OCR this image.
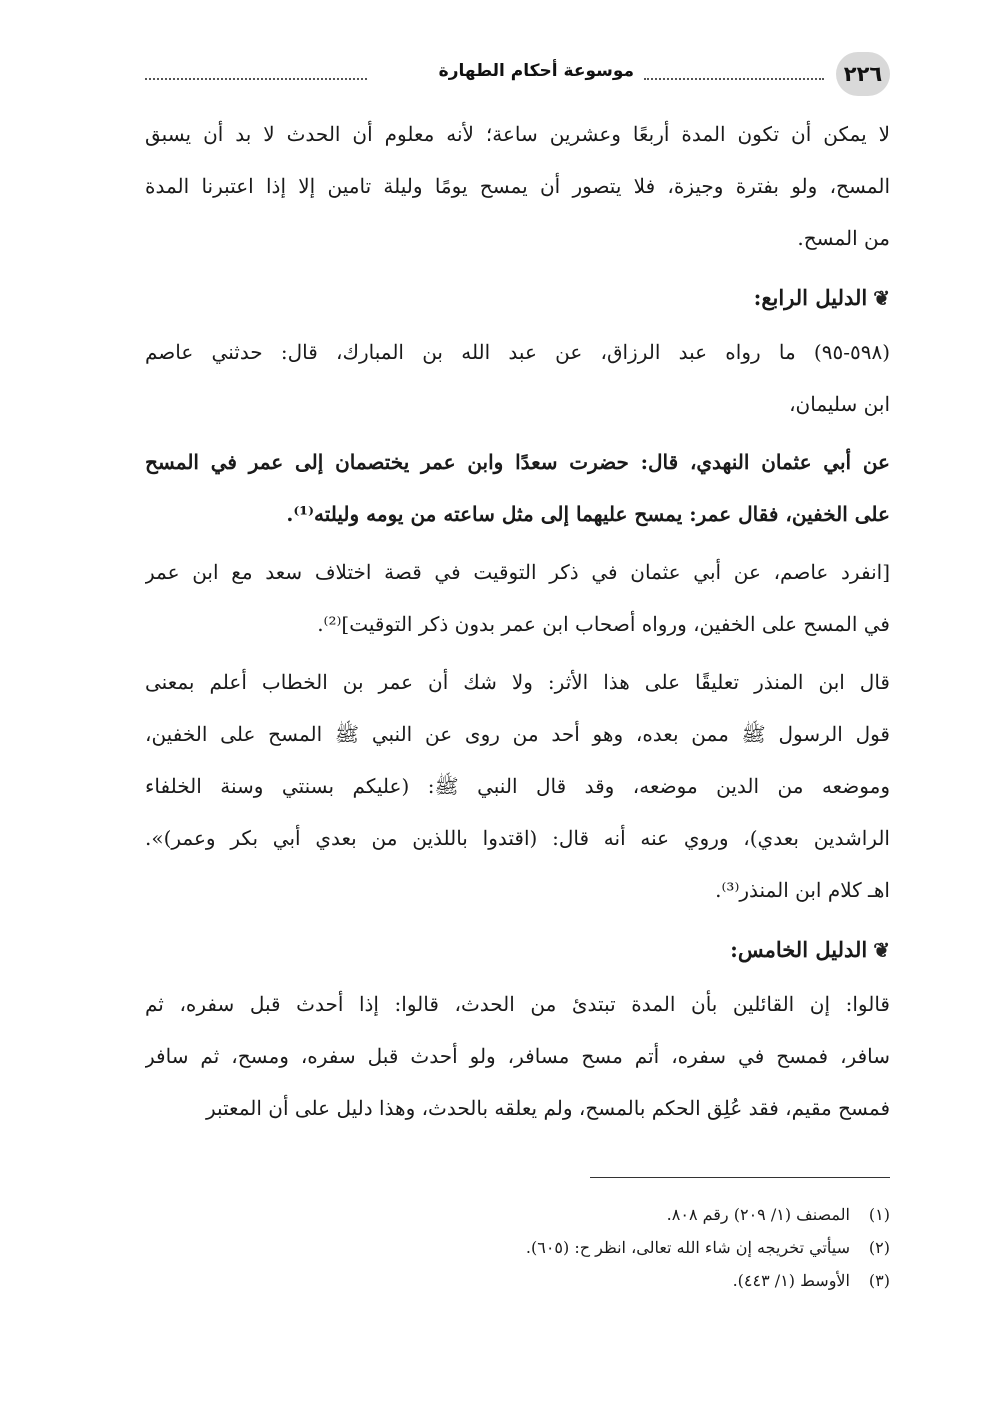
٢٢٦
موسوعة أحكام الطهارة
لا يمكن أن تكون المدة أربعًا وعشرين ساعة؛ لأنه معلوم أن الحدث لا بد أن يسبق
المسح، ولو بفترة وجيزة، فلا يتصور أن يمسح يومًا وليلة تامين إلا إذا اعتبرنا المدة
من المسح.
❦الدليل الرابع:
(٥٩٨-٩٥) ما رواه عبد الرزاق، عن عبد الله بن المبارك، قال: حدثني عاصم
ابن سليمان،
عن أبي عثمان النهدي، قال: حضرت سعدًا وابن عمر يختصمان إلى عمر في المسح
على الخفين، فقال عمر: يمسح عليهما إلى مثل ساعته من يومه وليلته⁽¹⁾.
[انفرد عاصم، عن أبي عثمان في ذكر التوقيت في قصة اختلاف سعد مع ابن عمر
في المسح على الخفين، ورواه أصحاب ابن عمر بدون ذكر التوقيت]⁽²⁾.
قال ابن المنذر تعليقًا على هذا الأثر: ولا شك أن عمر بن الخطاب أعلم بمعنى
قول الرسول ﷺ ممن بعده، وهو أحد من روى عن النبي ﷺ المسح على الخفين،
وموضعه من الدين موضعه، وقد قال النبي ﷺ: (عليكم بسنتي وسنة الخلفاء
الراشدين بعدي)، وروي عنه أنه قال: (اقتدوا باللذين من بعدي أبي بكر وعمر)».
اهـ كلام ابن المنذر⁽³⁾.
❦الدليل الخامس:
قالوا: إن القائلين بأن المدة تبتدئ من الحدث، قالوا: إذا أحدث قبل سفره، ثم
سافر، فمسح في سفره، أتم مسح مسافر، ولو أحدث قبل سفره، ومسح، ثم سافر
فمسح مقيم، فقد عُلِق الحكم بالمسح، ولم يعلقه بالحدث، وهذا دليل على أن المعتبر
(١)المصنف (١/ ٢٠٩) رقم ٨٠٨.
(٢)سيأتي تخريجه إن شاء الله تعالى، انظر ح: (٦٠٥).
(٣)الأوسط (١/ ٤٤٣).
